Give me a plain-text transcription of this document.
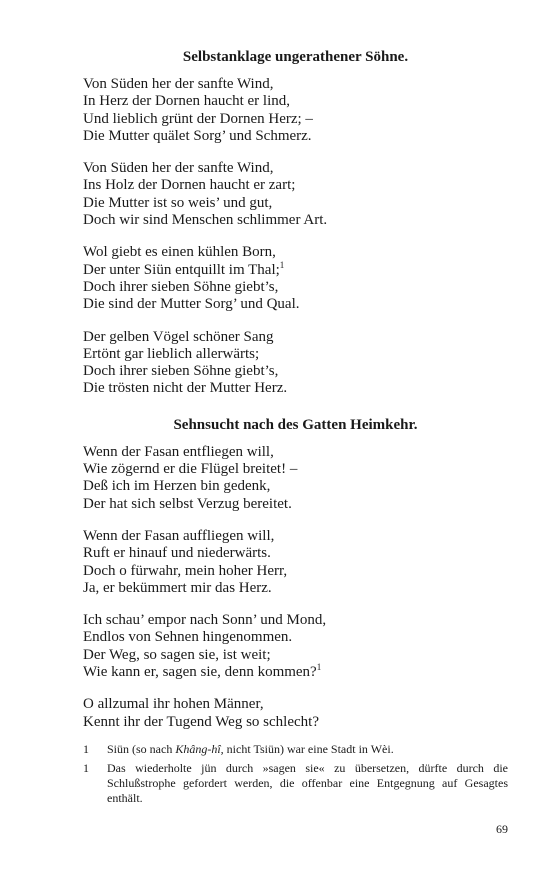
Selbstanklage ungerathener Söhne.
Von Süden her der sanfte Wind,
In Herz der Dornen haucht er lind,
Und lieblich grünt der Dornen Herz; –
Die Mutter quälet Sorg’ und Schmerz.
Von Süden her der sanfte Wind,
Ins Holz der Dornen haucht er zart;
Die Mutter ist so weis’ und gut,
Doch wir sind Menschen schlimmer Art.
Wol giebt es einen kühlen Born,
Der unter Siün entquillt im Thal;$^1$
Doch ihrer sieben Söhne giebt’s,
Die sind der Mutter Sorg’ und Qual.
Der gelben Vögel schöner Sang
Ertönt gar lieblich allerwärts;
Doch ihrer sieben Söhne giebt’s,
Die trösten nicht der Mutter Herz.
Sehnsucht nach des Gatten Heimkehr.
Wenn der Fasan entfliegen will,
Wie zögernd er die Flügel breitet! –
Deß ich im Herzen bin gedenk,
Der hat sich selbst Verzug bereitet.
Wenn der Fasan auffliegen will,
Ruft er hinauf und niederwärts.
Doch o fürwahr, mein hoher Herr,
Ja, er bekümmert mir das Herz.
Ich schau’ empor nach Sonn’ und Mond,
Endlos von Sehnen hingenommen.
Der Weg, so sagen sie, ist weit;
Wie kann er, sagen sie, denn kommen?$^1$
O allzumal ihr hohen Männer,
Kennt ihr der Tugend Weg so schlecht?
1	Siün (so nach Khâng-hî, nicht Tsiün) war eine Stadt in Wèi.
1	Das wiederholte jün durch »sagen sie« zu übersetzen, dürfte durch die Schlußstrophe gefordert werden, die offenbar eine Entgegnung auf Gesagtes enthält.
69
